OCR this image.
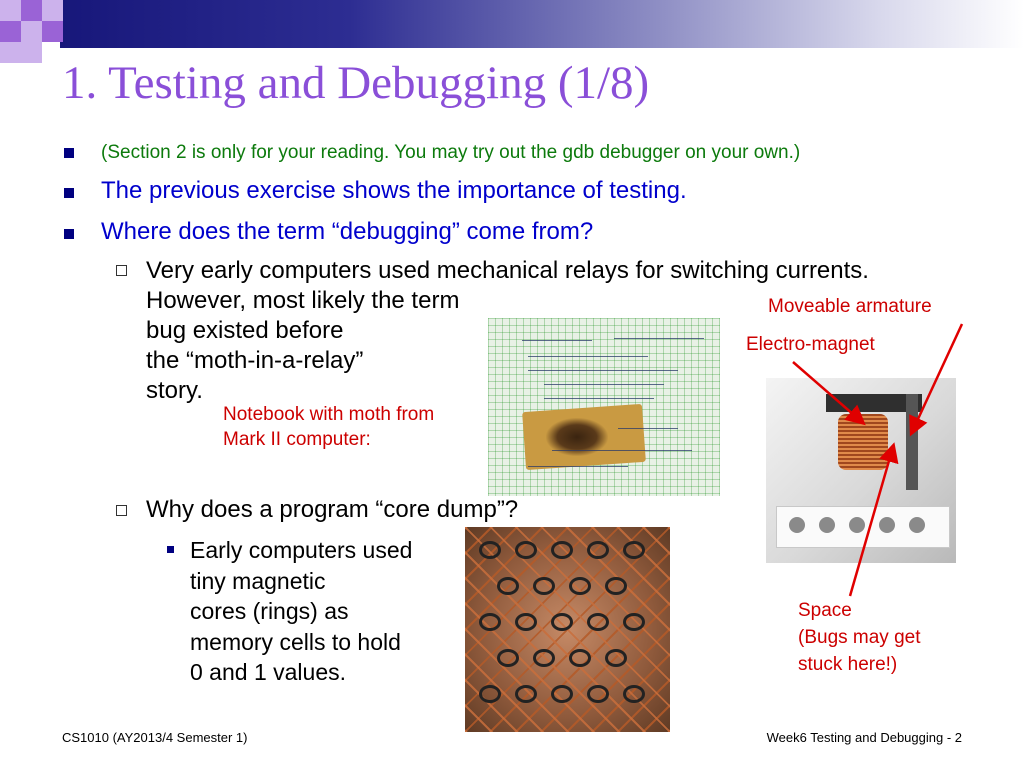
1. Testing and Debugging (1/8)
(Section 2 is only for your reading. You may try out the gdb debugger on your own.)
The previous exercise shows the importance of testing.
Where does the term “debugging” come from?
Very early computers used mechanical relays for switching currents.
However, most likely the term
bug existed before
the “moth-in-a-relay”
story.
Notebook with moth from
Mark II computer:
Moveable armature
Electro-magnet
Why does a program “core dump”?
Early computers used
tiny magnetic
cores (rings) as
memory cells to hold
0 and 1 values.
Space
(Bugs may get
stuck here!)
CS1010 (AY2013/4 Semester 1)	Week6 Testing and Debugging - 2
